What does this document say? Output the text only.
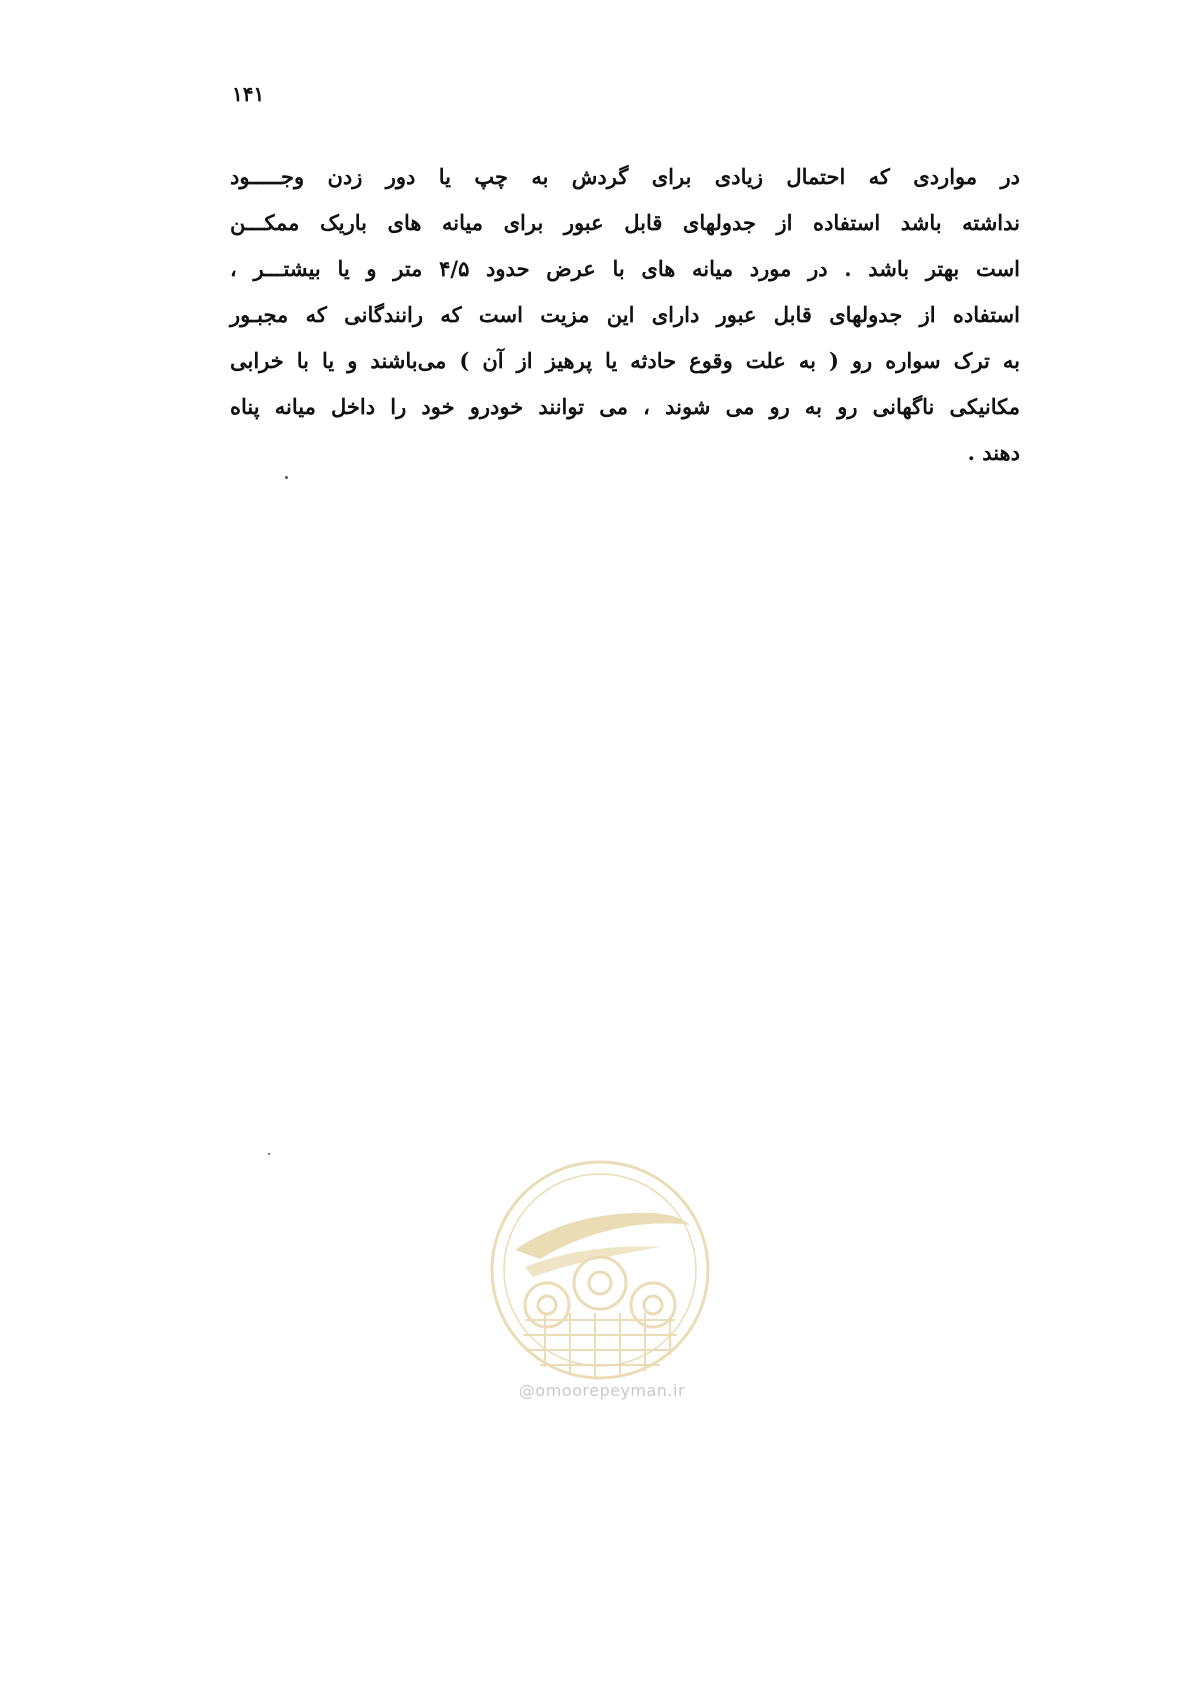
۱۴۱
در مواردی که احتمال زیادی برای گردش به چپ یا دور زدن وجـــــود
نداشته باشد استفاده از جدولهای قابل عبور برای میانه های باریک ممکـــن
است بهتر باشد . در مورد میانه های با عرض حدود ۴/۵ متر و یا بیشتـــر ،
استفاده از جدولهای قابل عبور دارای این مزیت است که رانندگانی که مجبـور
به ترک سواره رو ( به علت وقوع حادثه یا پرهیز از آن ) می‌باشند و یا با خرابی
مکانیکی ناگهانی رو به رو می شوند ، می توانند خودرو خود را داخل میانه پناه
دهند .
@omoorepeyman.ir
